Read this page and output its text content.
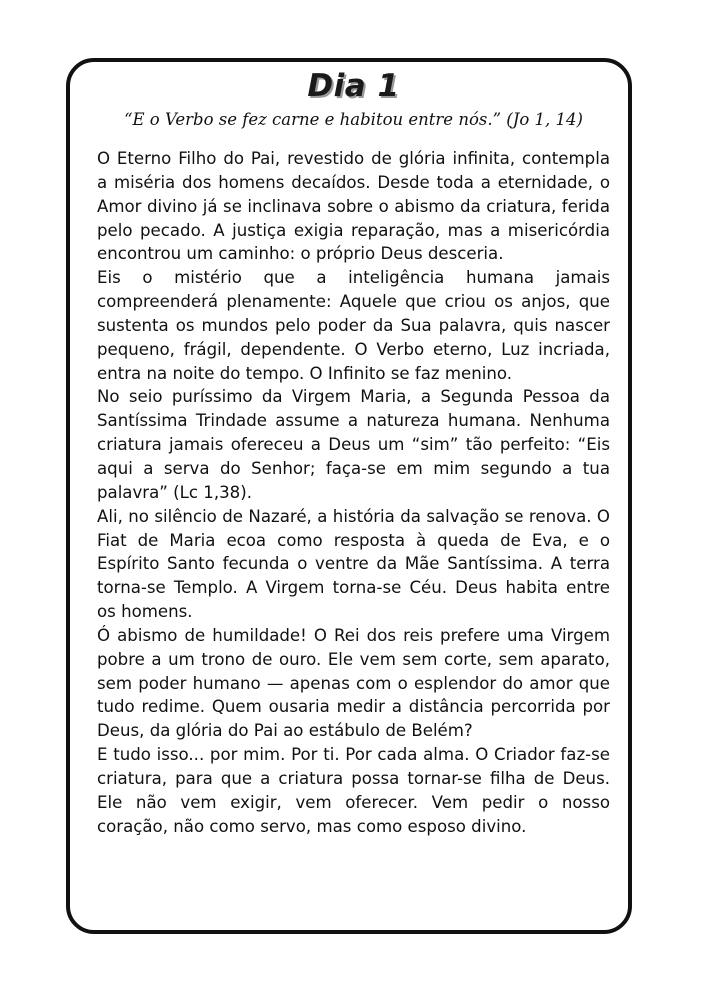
Dia 1

“E o Verbo se fez carne e habitou entre nós.” (Jo 1, 14)

O Eterno Filho do Pai, revestido de glória infinita, contempla a miséria dos homens decaídos. Desde toda a eternidade, o Amor divino já se inclinava sobre o abismo da criatura, ferida pelo pecado. A justiça exigia reparação, mas a misericórdia encontrou um caminho: o próprio Deus desceria.

Eis o mistério que a inteligência humana jamais compreenderá plenamente: Aquele que criou os anjos, que sustenta os mundos pelo poder da Sua palavra, quis nascer pequeno, frágil, dependente. O Verbo eterno, Luz incriada, entra na noite do tempo. O Infinito se faz menino.

No seio puríssimo da Virgem Maria, a Segunda Pessoa da Santíssima Trindade assume a natureza humana. Nenhuma criatura jamais ofereceu a Deus um “sim” tão perfeito: “Eis aqui a serva do Senhor; faça-se em mim segundo a tua palavra” (Lc 1,38).

Ali, no silêncio de Nazaré, a história da salvação se renova. O Fiat de Maria ecoa como resposta à queda de Eva, e o Espírito Santo fecunda o ventre da Mãe Santíssima. A terra torna-se Templo. A Virgem torna-se Céu. Deus habita entre os homens.

Ó abismo de humildade! O Rei dos reis prefere uma Virgem pobre a um trono de ouro. Ele vem sem corte, sem aparato, sem poder humano — apenas com o esplendor do amor que tudo redime. Quem ousaria medir a distância percorrida por Deus, da glória do Pai ao estábulo de Belém?

E tudo isso... por mim. Por ti. Por cada alma. O Criador faz-se criatura, para que a criatura possa tornar-se filha de Deus. Ele não vem exigir, vem oferecer. Vem pedir o nosso coração, não como servo, mas como esposo divino.
